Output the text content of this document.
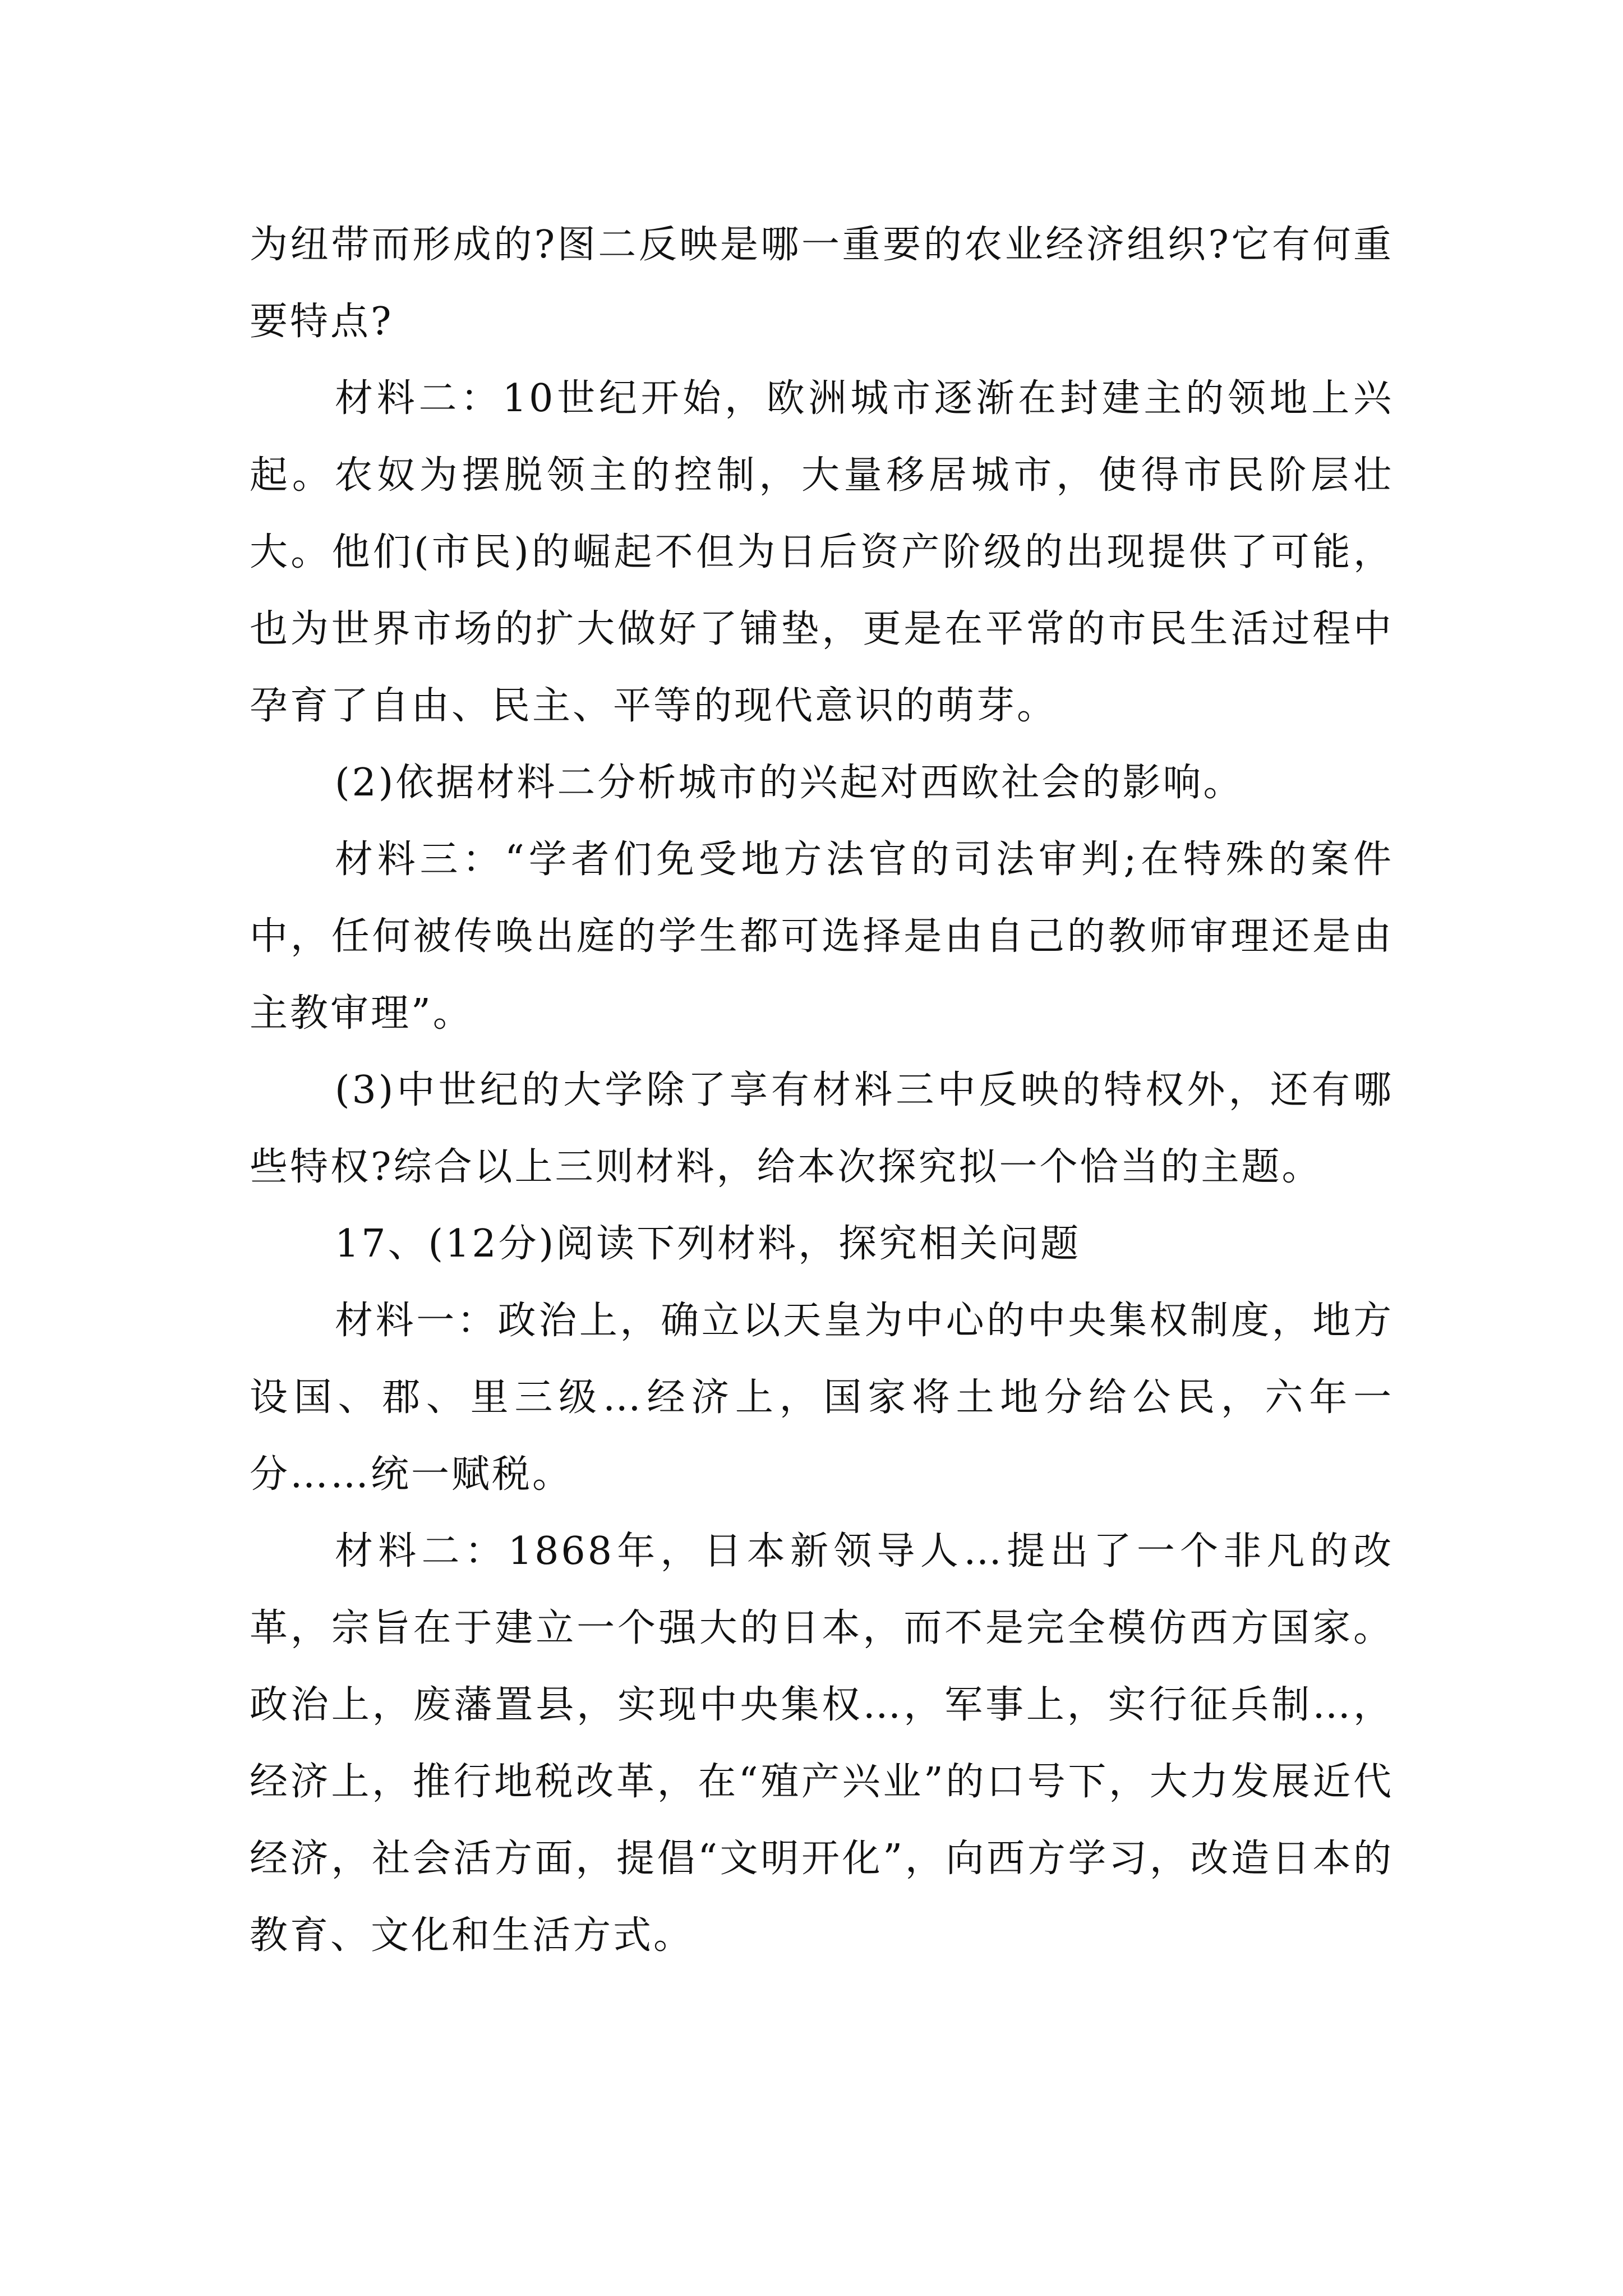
为纽带而形成的?图二反映是哪一重要的农业经济组织?它有何重要特点?

材料二：10世纪开始，欧洲城市逐渐在封建主的领地上兴起。农奴为摆脱领主的控制，大量移居城市，使得市民阶层壮大。他们(市民)的崛起不但为日后资产阶级的出现提供了可能，也为世界市场的扩大做好了铺垫，更是在平常的市民生活过程中孕育了自由、民主、平等的现代意识的萌芽。

(2)依据材料二分析城市的兴起对西欧社会的影响。

材料三：“学者们免受地方法官的司法审判;在特殊的案件中，任何被传唤出庭的学生都可选择是由自己的教师审理还是由主教审理”。

(3)中世纪的大学除了享有材料三中反映的特权外，还有哪些特权?综合以上三则材料，给本次探究拟一个恰当的主题。

17、(12分)阅读下列材料，探究相关问题

材料一：政治上，确立以天皇为中心的中央集权制度，地方设国、郡、里三级…经济上，国家将土地分给公民，六年一分……统一赋税。

材料二：1868年，日本新领导人…提出了一个非凡的改革，宗旨在于建立一个强大的日本，而不是完全模仿西方国家。政治上，废藩置县，实现中央集权…，军事上，实行征兵制…，经济上，推行地税改革，在“殖产兴业”的口号下，大力发展近代经济，社会活方面，提倡“文明开化”，向西方学习，改造日本的教育、文化和生活方式。
